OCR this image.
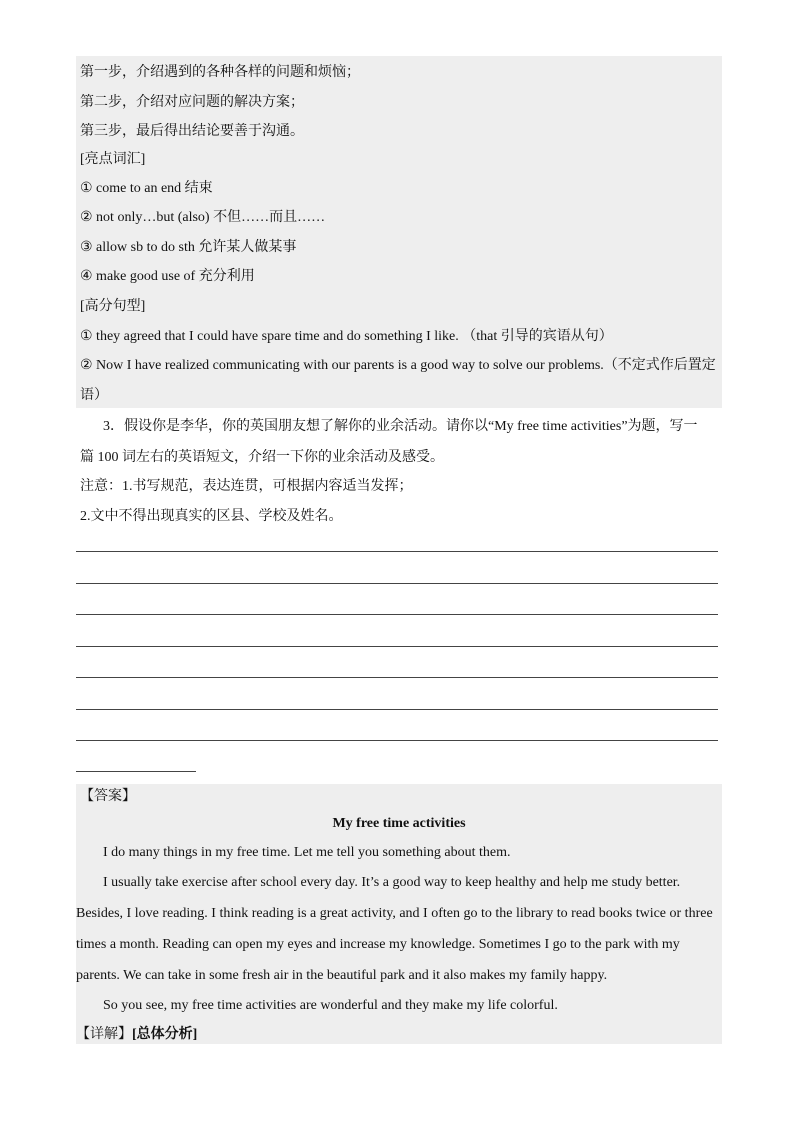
第一步，介绍遇到的各种各样的问题和烦恼；
第二步，介绍对应问题的解决方案；
第三步，最后得出结论要善于沟通。
[亮点词汇]
① come to an end 结束
② not only…but (also) 不但……而且……
③ allow sb to do sth 允许某人做某事
④ make good use of 充分利用
[高分句型]
① they agreed that I could have spare time and do something I like. （that 引导的宾语从句）
② Now I have realized communicating with our parents is a good way to solve our problems.（不定式作后置定
语）
3．假设你是李华，你的英国朋友想了解你的业余活动。请你以“My free time activities”为题，写一
篇 100 词左右的英语短文，介绍一下你的业余活动及感受。
注意：1.书写规范，表达连贯，可根据内容适当发挥；
2.文中不得出现真实的区县、学校及姓名。
【答案】
My free time activities
I do many things in my free time. Let me tell you something about them.
I usually take exercise after school every day. It’s a good way to keep healthy and help me study better.
Besides, I love reading. I think reading is a great activity, and I often go to the library to read books twice or three
times a month. Reading can open my eyes and increase my knowledge. Sometimes I go to the park with my
parents. We can take in some fresh air in the beautiful park and it also makes my family happy.
So you see, my free time activities are wonderful and they make my life colorful.
【详解】[总体分析]
